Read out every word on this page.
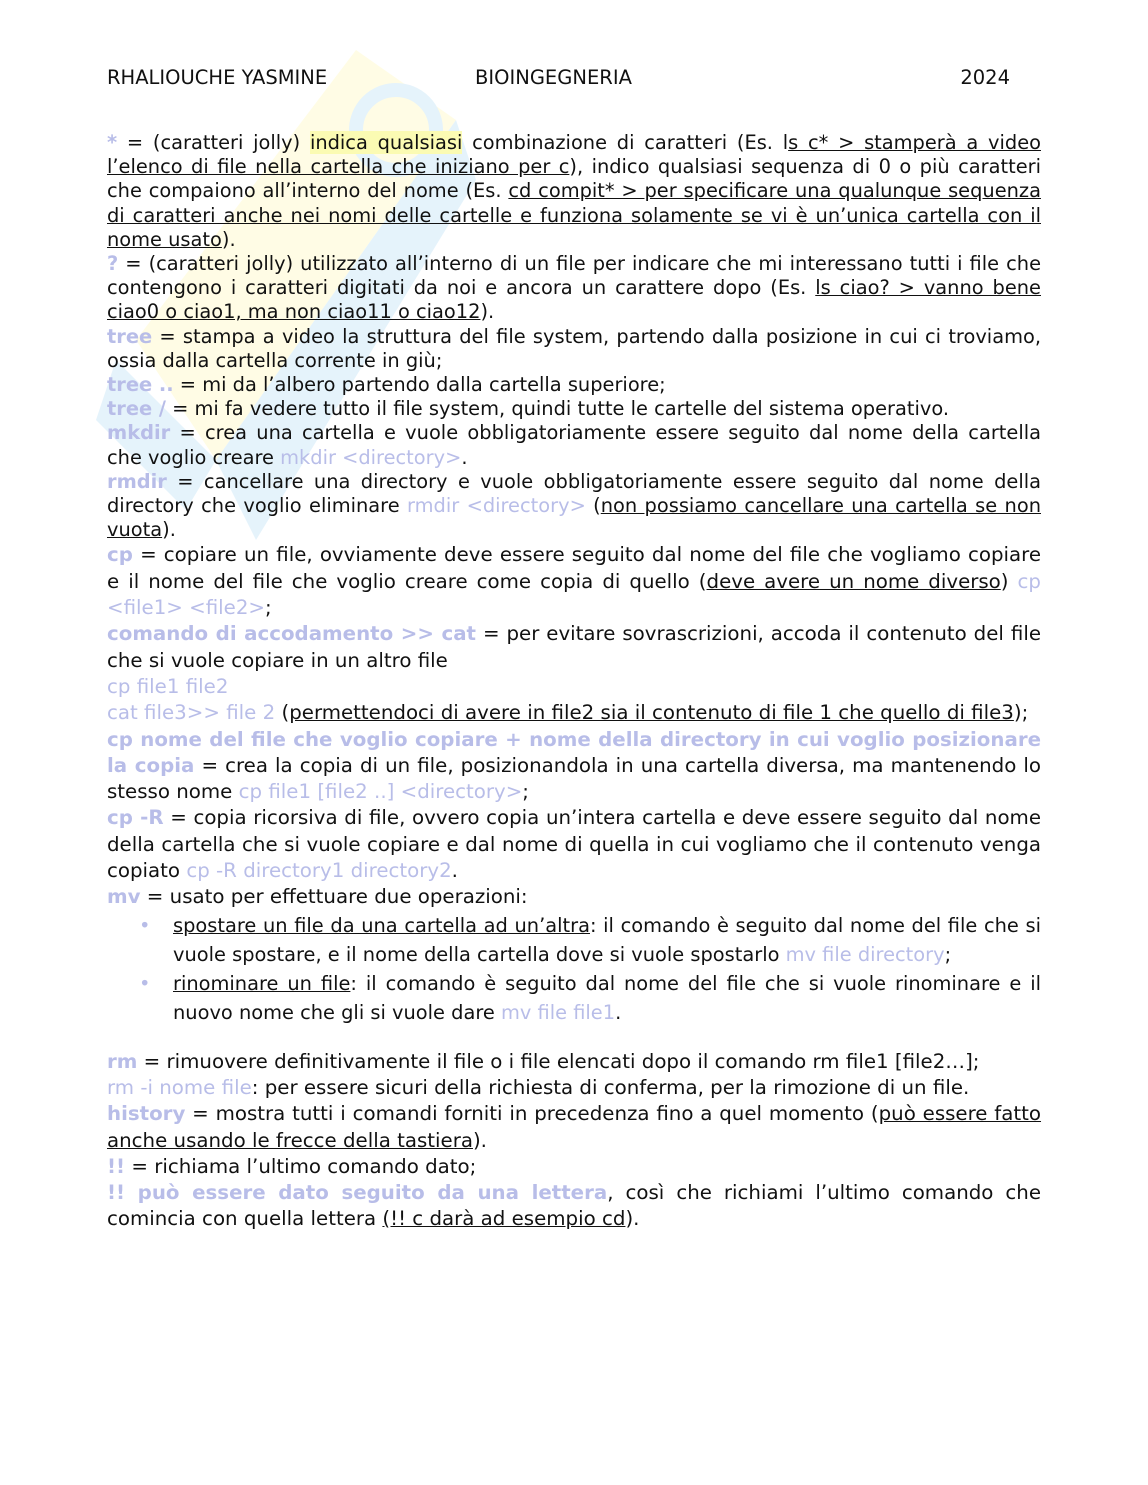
RHALIOUCHE YASMINE	BIOINGEGNERIA	2024

* = (caratteri jolly) indica qualsiasi combinazione di caratteri (Es. ls c* > stamperà a video l’elenco di file nella cartella che iniziano per c), indico qualsiasi sequenza di 0 o più caratteri che compaiono all’interno del nome (Es. cd compit* > per specificare una qualunque sequenza di caratteri anche nei nomi delle cartelle e funziona solamente se vi è un’unica cartella con il nome usato).

? = (caratteri jolly) utilizzato all’interno di un file per indicare che mi interessano tutti i file che contengono i caratteri digitati da noi e ancora un carattere dopo (Es. ls ciao? > vanno bene ciao0 o ciao1, ma non ciao11 o ciao12).

tree = stampa a video la struttura del file system, partendo dalla posizione in cui ci troviamo, ossia dalla cartella corrente in giù;

tree .. = mi da l’albero partendo dalla cartella superiore;

tree / = mi fa vedere tutto il file system, quindi tutte le cartelle del sistema operativo.

mkdir = crea una cartella e vuole obbligatoriamente essere seguito dal nome della cartella che voglio creare mkdir <directory>.

rmdir = cancellare una directory e vuole obbligatoriamente essere seguito dal nome della directory che voglio eliminare rmdir <directory> (non possiamo cancellare una cartella se non vuota).

cp = copiare un file, ovviamente deve essere seguito dal nome del file che vogliamo copiare e il nome del file che voglio creare come copia di quello (deve avere un nome diverso) cp <file1> <file2>;

comando di accodamento >> cat = per evitare sovrascrizioni, accoda il contenuto del file che si vuole copiare in un altro file

cp file1 file2

cat file3>> file 2 (permettendoci di avere in file2 sia il contenuto di file 1 che quello di file3);

cp nome del file che voglio copiare + nome della directory in cui voglio posizionare la copia = crea la copia di un file, posizionandola in una cartella diversa, ma mantenendo lo stesso nome cp file1 [file2 ..] <directory>;

cp -R = copia ricorsiva di file, ovvero copia un’intera cartella e deve essere seguito dal nome della cartella che si vuole copiare e dal nome di quella in cui vogliamo che il contenuto venga copiato cp -R directory1 directory2.

mv = usato per effettuare due operazioni:

• spostare un file da una cartella ad un’altra: il comando è seguito dal nome del file che si vuole spostare, e il nome della cartella dove si vuole spostarlo mv file directory;
• rinominare un file: il comando è seguito dal nome del file che si vuole rinominare e il nuovo nome che gli si vuole dare mv file file1.

rm = rimuovere definitivamente il file o i file elencati dopo il comando rm file1 [file2…];

rm -i nome file: per essere sicuri della richiesta di conferma, per la rimozione di un file.

history = mostra tutti i comandi forniti in precedenza fino a quel momento (può essere fatto anche usando le frecce della tastiera).

!! = richiama l’ultimo comando dato;

!! può essere dato seguito da una lettera, così che richiami l’ultimo comando che comincia con quella lettera (!! c darà ad esempio cd).
